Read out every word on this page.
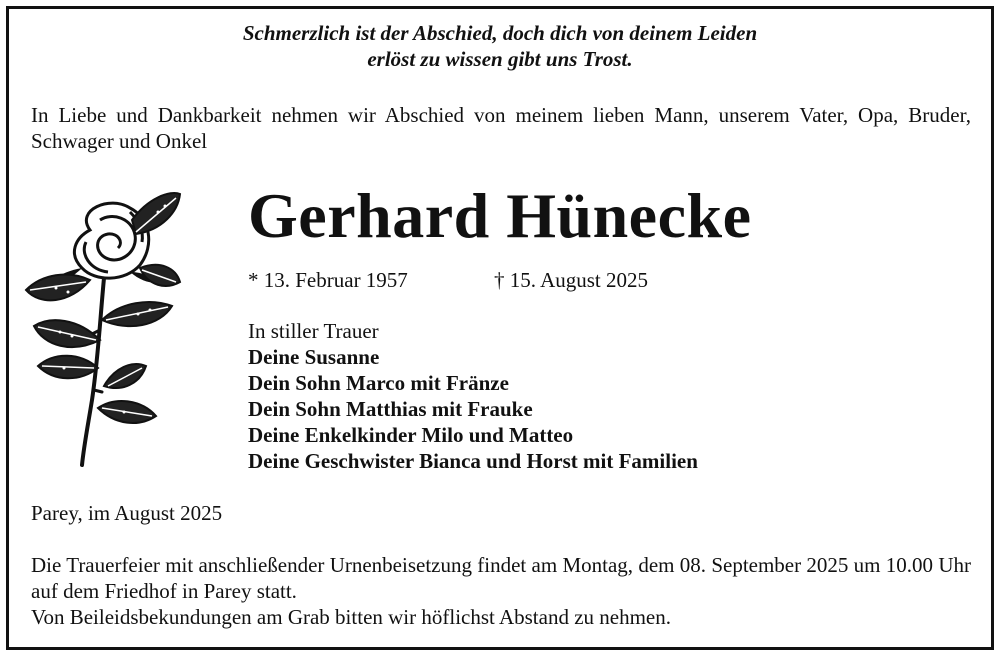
Schmerzlich ist der Abschied, doch dich von deinem Leiden
erlöst zu wissen gibt uns Trost.
In Liebe und Dankbarkeit nehmen wir Abschied von meinem lieben Mann, unserem Vater, Opa, Bruder, Schwager und Onkel
Gerhard Hünecke
* 13. Februar 1957	† 15. August 2025
In stiller Trauer
Deine Susanne
Dein Sohn Marco mit Fränze
Dein Sohn Matthias mit Frauke
Deine Enkelkinder Milo und Matteo
Deine Geschwister Bianca und Horst mit Familien
Parey, im August 2025
Die Trauerfeier mit anschließender Urnenbeisetzung findet am Montag, dem 08. September 2025 um 10.00 Uhr auf dem Friedhof in Parey statt.
Von Beileidsbekundungen am Grab bitten wir höflichst Abstand zu nehmen.
